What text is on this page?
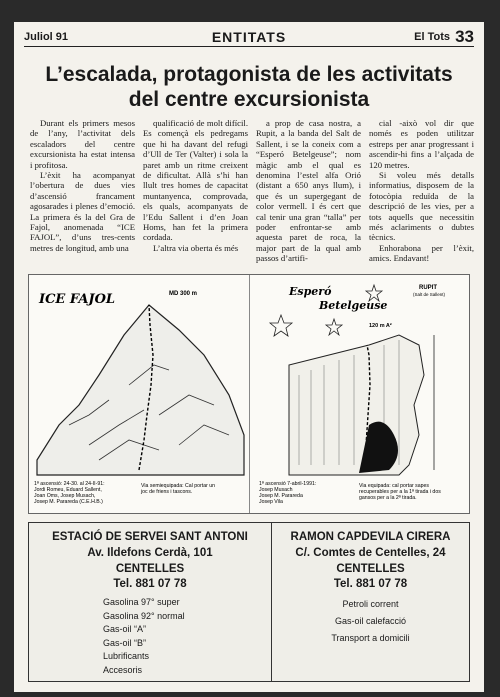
Juliol 91	ENTITATS	El Tots 33
L’escalada, protagonista de les activitats
del centre excursionista

Durant els primers mesos de l’any, l’activitat dels escaladors del centre excursionista ha estat intensa i profitosa.

L’èxit ha acompanyat l’obertura de dues vies d’ascensió francament agosarades i plenes d’emoció. La primera és la del Gra de Fajol, anomenada “ICE FAJOL”, d’uns tres-cents metres de longitud, amb una

qualificació de molt difícil. Es començà els pedregams que hi ha davant del refugi d’Ull de Ter (Valter) i sola la paret amb un ritme creixent de dificultat. Allà s’hi han llult tres homes de capacitat muntanyenca, comprovada, els quals, acompanyats de l’Edu Sallent i d’en Joan Homs, han fet la primera cordada.

L’altra via oberta és més

a prop de casa nostra, a Rupit, a la banda del Salt de Sallent, i se la coneix com a “Esperó Betelgeuse”; nom màgic amb el qual es denomina l’estel alfa Orió (distant a 650 anys llum), i que és un supergegant de color vermell. I és cert que cal tenir una gran “talla” per poder enfrontar-se amb aquesta paret de roca, la major part de la qual amb passos d’artifi-

cial -això vol dir que només es poden utilitzar estreps per anar progressant i ascendir-hi fins a l’alçada de 120 metres.

Si voleu més detalls informatius, disposem de la fotocòpia reduïda de la descripció de les vies, per a tots aquells que necessitin més aclariments o dubtes tècnics.

Enhorabona per l’èxit, amics. Endavant!

ICE FAJOL	MD 300 m
1ª ascensió: 24-30. al 24-II-91: Jordi Romeu, Eduard Sallent, Joan Oms, Josep Musach, Josep M. Parareda (C.E.H.B.)
Via semiequipada: Cal portar un joc de friens i tascons.
Esperó
Betelgeuse
RUPIT
(Salt de Sallent)
120 m A²
1ª ascensió 7-abril-1991: Josep Musach Josep M. Parareda Josep Vila
Via equipada: cal portar sapes recuperables per a la 1ª tirada i dos gansos per a la 2ª tirada.
ESTACIÓ DE SERVEI SANT ANTONI
Av. Ildefons Cerdà, 101
CENTELLES
Tel. 881 07 78
Gasolina 97° super
Gasolina 92° normal
Gas-oil “A”
Gas-oil “B”
Lubrificants
Accesoris
RAMON CAPDEVILA CIRERA
C/. Comtes de Centelles, 24
CENTELLES
Tel. 881 07 78
Petroli corrent
Gas-oil calefacció
Transport a domicili
